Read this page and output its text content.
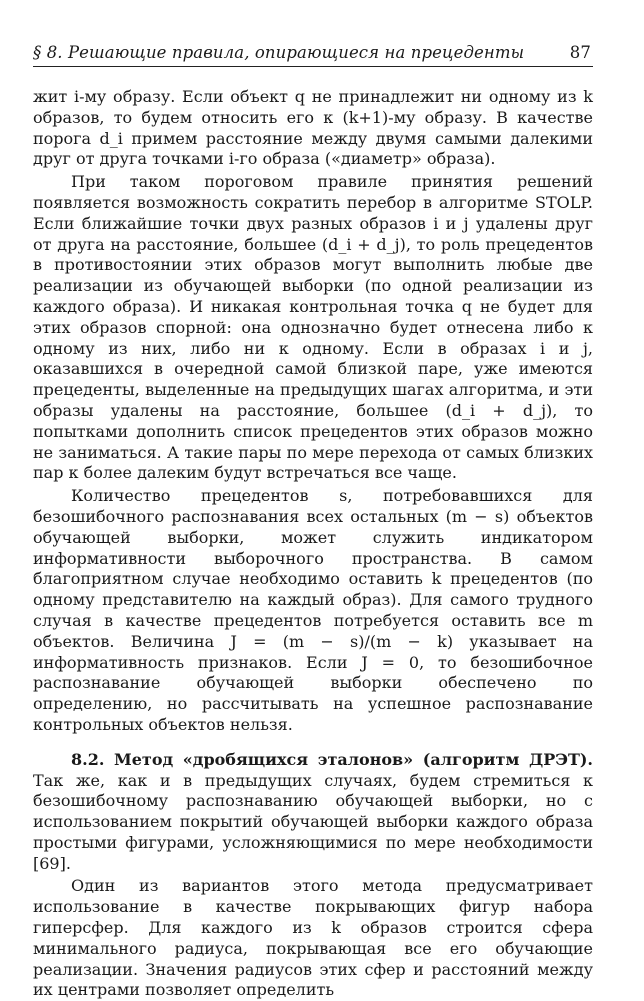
§ 8. Решающие правила, опирающиеся на прецеденты	87

жит i-му образу. Если объект q не принадлежит ни одному из k образов, то будем относить его к (k+1)-му образу. В качестве порога d_i примем расстояние между двумя самыми далекими друг от друга точками i-го образа («диаметр» образа).

При таком пороговом правиле принятия решений появляется возможность сократить перебор в алгоритме STOLP. Если ближайшие точки двух разных образов i и j удалены друг от друга на расстояние, большее (d_i + d_j), то роль прецедентов в противостоянии этих образов могут выполнить любые две реализации из обучающей выборки (по одной реализации из каждого образа). И никакая контрольная точка q не будет для этих образов спорной: она однозначно будет отнесена либо к одному из них, либо ни к одному. Если в образах i и j, оказавшихся в очередной самой близкой паре, уже имеются прецеденты, выделенные на предыдущих шагах алгоритма, и эти образы удалены на расстояние, большее (d_i + d_j), то попытками дополнить список прецедентов этих образов можно не заниматься. А такие пары по мере перехода от самых близких пар к более далеким будут встречаться все чаще.

Количество прецедентов s, потребовавшихся для безошибочного распознавания всех остальных (m − s) объектов обучающей выборки, может служить индикатором информативности выборочного пространства. В самом благоприятном случае необходимо оставить k прецедентов (по одному представителю на каждый образ). Для самого трудного случая в качестве прецедентов потребуется оставить все m объектов. Величина J = (m − s)/(m − k) указывает на информативность признаков. Если J = 0, то безошибочное распознавание обучающей выборки обеспечено по определению, но рассчитывать на успешное распознавание контрольных объектов нельзя.

8.2. Метод «дробящихся эталонов» (алгоритм ДРЭТ). Так же, как и в предыдущих случаях, будем стремиться к безошибочному распознаванию обучающей выборки, но с использованием покрытий обучающей выборки каждого образа простыми фигурами, усложняющимися по мере необходимости [69].

Один из вариантов этого метода предусматривает использование в качестве покрывающих фигур набора гиперсфер. Для каждого из k образов строится сфера минимального радиуса, покрывающая все его обучающие реализации. Значения радиусов этих сфер и расстояний между их центрами позволяет определить
